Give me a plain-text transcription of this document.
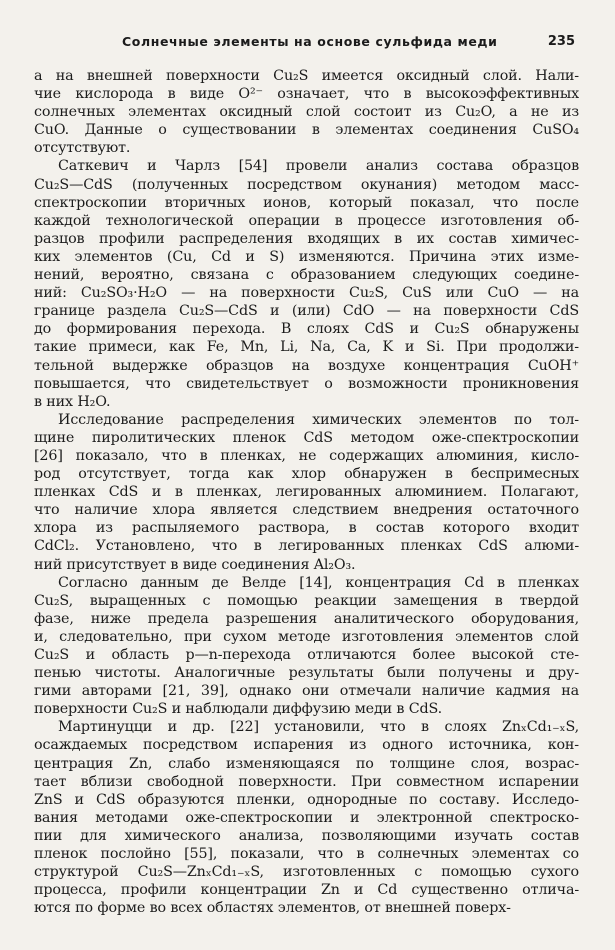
Солнечные элементы на основе сульфида меди	235
а на внешней поверхности Cu₂S имеется оксидный слой. Нали-
чие кислорода в виде O²⁻ означает, что в высокоэффективных
солнечных элементах оксидный слой состоит из Cu₂O, а не из
CuO. Данные о существовании в элементах соединения CuSO₄
отсутствуют.
Саткевич и Чарлз [54] провели анализ состава образцов
Cu₂S—CdS (полученных посредством окунания) методом масс-
спектроскопии вторичных ионов, который показал, что после
каждой технологической операции в процессе изготовления об-
разцов профили распределения входящих в их состав химичес-
ких элементов (Cu, Cd и S) изменяются. Причина этих изме-
нений, вероятно, связана с образованием следующих соедине-
ний: Cu₂SO₃·H₂O — на поверхности Cu₂S, CuS или CuO — на
границе раздела Cu₂S—CdS и (или) CdO — на поверхности CdS
до формирования перехода. В слоях CdS и Cu₂S обнаружены
такие примеси, как Fe, Mn, Li, Na, Ca, K и Si. При продолжи-
тельной выдержке образцов на воздухе концентрация CuOH⁺
повышается, что свидетельствует о возможности проникновения
в них H₂O.
Исследование распределения химических элементов по тол-
щине пиролитических пленок CdS методом оже-спектроскопии
[26] показало, что в пленках, не содержащих алюминия, кисло-
род отсутствует, тогда как хлор обнаружен в беспримесных
пленках CdS и в пленках, легированных алюминием. Полагают,
что наличие хлора является следствием внедрения остаточного
хлора из распыляемого раствора, в состав которого входит
CdCl₂. Установлено, что в легированных пленках CdS алюми-
ний присутствует в виде соединения Al₂O₃.
Согласно данным де Велде [14], концентрация Cd в пленках
Cu₂S, выращенных с помощью реакции замещения в твердой
фазе, ниже предела разрешения аналитического оборудования,
и, следовательно, при сухом методе изготовления элементов слой
Cu₂S и область p—n-перехода отличаются более высокой сте-
пенью чистоты. Аналогичные результаты были получены и дру-
гими авторами [21, 39], однако они отмечали наличие кадмия на
поверхности Cu₂S и наблюдали диффузию меди в CdS.
Мартинуцци и др. [22] установили, что в слоях ZnₓCd₁₋ₓS,
осаждаемых посредством испарения из одного источника, кон-
центрация Zn, слабо изменяющаяся по толщине слоя, возрас-
тает вблизи свободной поверхности. При совместном испарении
ZnS и CdS образуются пленки, однородные по составу. Исследо-
вания методами оже-спектроскопии и электронной спектроско-
пии для химического анализа, позволяющими изучать состав
пленок послойно [55], показали, что в солнечных элементах со
структурой Cu₂S—ZnₓCd₁₋ₓS, изготовленных с помощью сухого
процесса, профили концентрации Zn и Cd существенно отлича-
ются по форме во всех областях элементов, от внешней поверх-
